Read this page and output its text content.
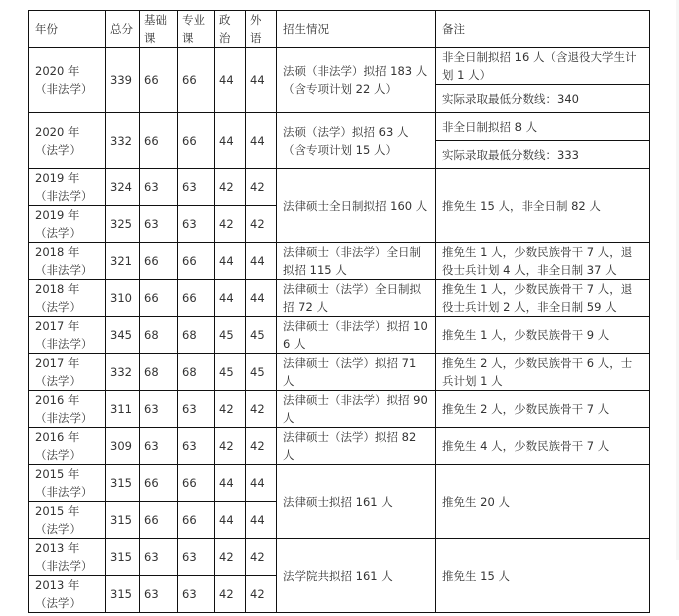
年份	总分	基础课	专业课	政治	外语	招生情况	备注
2020 年（非法学）	339	66	66	44	44	法硕（非法学）拟招 183 人（含专项计划 22 人）	非全日制拟招 16 人（含退役大学生计划 1 人）
							实际录取最低分数线：340
2020 年（法学）	332	66	66	44	44	法硕（法学）拟招 63 人（含专项计划 15 人）	非全日制拟招 8 人
							实际录取最低分数线：333
2019 年（非法学）	324	63	63	42	42	法律硕士全日制拟招 160 人	推免生 15 人，非全日制 82 人
2019 年（法学）	325	63	63	42	42		
2018 年（非法学）	321	66	66	44	44	法律硕士（非法学）全日制拟招 115 人	推免生 1 人，少数民族骨干 7 人，退役士兵计划 4 人，非全日制 37 人
2018 年（法学）	310	66	66	44	44	法律硕士（法学）全日制拟招 72 人	推免生 1 人，少数民族骨干 7 人，退役士兵计划 2 人，非全日制 59 人
2017 年（非法学）	345	68	68	45	45	法律硕士（非法学）拟招 106 人	推免生 1 人，少数民族骨干 9 人
2017 年（法学）	332	68	68	45	45	法律硕士（法学）拟招 71 人	推免生 2 人，少数民族骨干 6 人，士兵计划 1 人
2016 年（非法学）	311	63	63	42	42	法律硕士（非法学）拟招 90 人	推免生 2 人，少数民族骨干 7 人
2016 年（法学）	309	63	63	42	42	法律硕士（法学）拟招 82 人	推免生 4 人，少数民族骨干 7 人
2015 年（非法学）	315	66	66	44	44	法律硕士拟招 161 人	推免生 20 人
2015 年（法学）	315	66	66	44	44		
2013 年（非法学）	315	63	63	42	42	法学院共拟招 161 人	推免生 15 人
2013 年（法学）	315	63	63	42	42		
